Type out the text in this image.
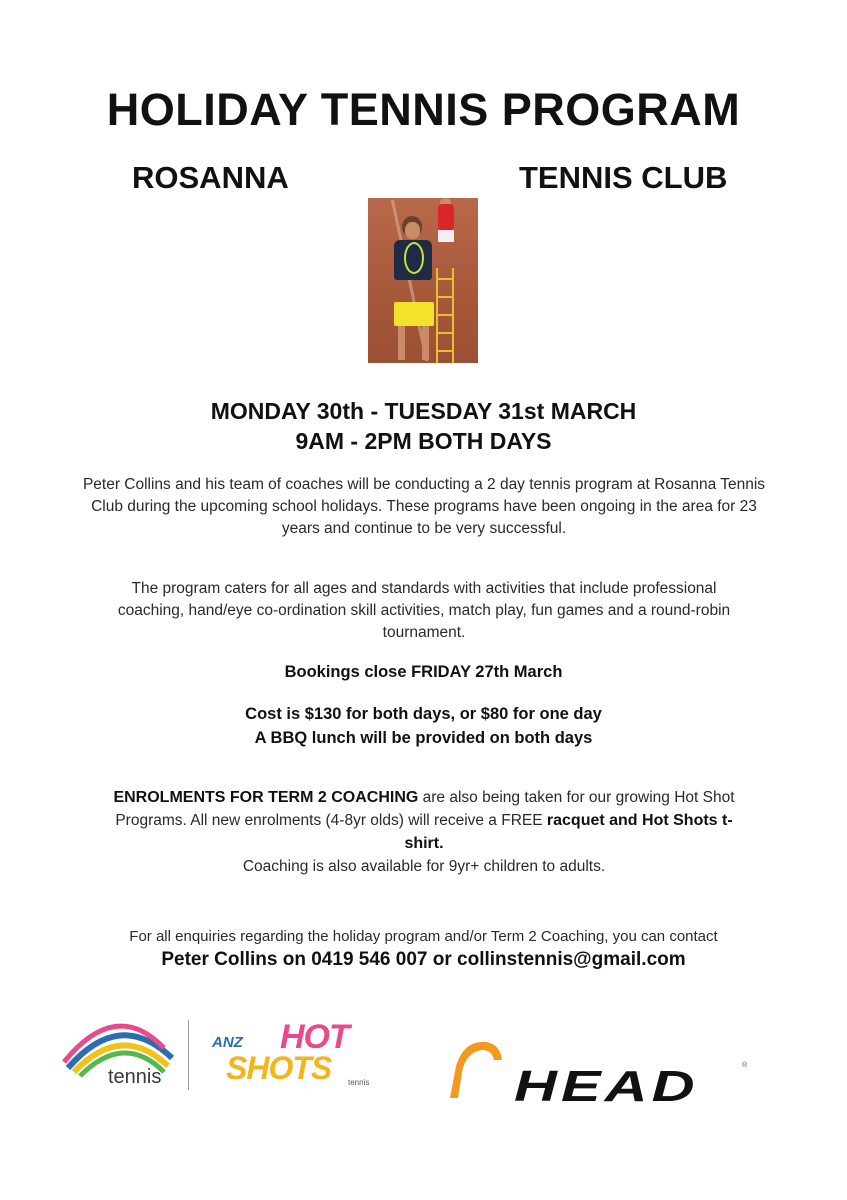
HOLIDAY TENNIS PROGRAM
ROSANNA	TENNIS CLUB
MONDAY 30th - TUESDAY 31st MARCH
9AM - 2PM BOTH DAYS
Peter Collins and his team of coaches will be conducting a 2 day tennis program at Rosanna Tennis Club during the upcoming school holidays. These programs have been ongoing in the area for 23 years and continue to be very successful.
The program caters for all ages and standards with activities that include professional coaching, hand/eye co-ordination skill activities, match play, fun games and a round-robin tournament.
Bookings close FRIDAY 27th March
Cost is $130 for both days, or $80 for one day
A BBQ lunch will be provided on both days
ENROLMENTS FOR TERM 2 COACHING are also being taken for our growing Hot Shot Programs. All new enrolments (4-8yr olds) will receive a FREE racquet and Hot Shots t-shirt.
Coaching is also available for 9yr+ children to adults.
For all enquiries regarding the holiday program and/or Term 2 Coaching, you can contact
Peter Collins on 0419 546 007 or collinstennis@gmail.com
tennis
ANZ HOT
SHOTS tennis	HEAD	®
